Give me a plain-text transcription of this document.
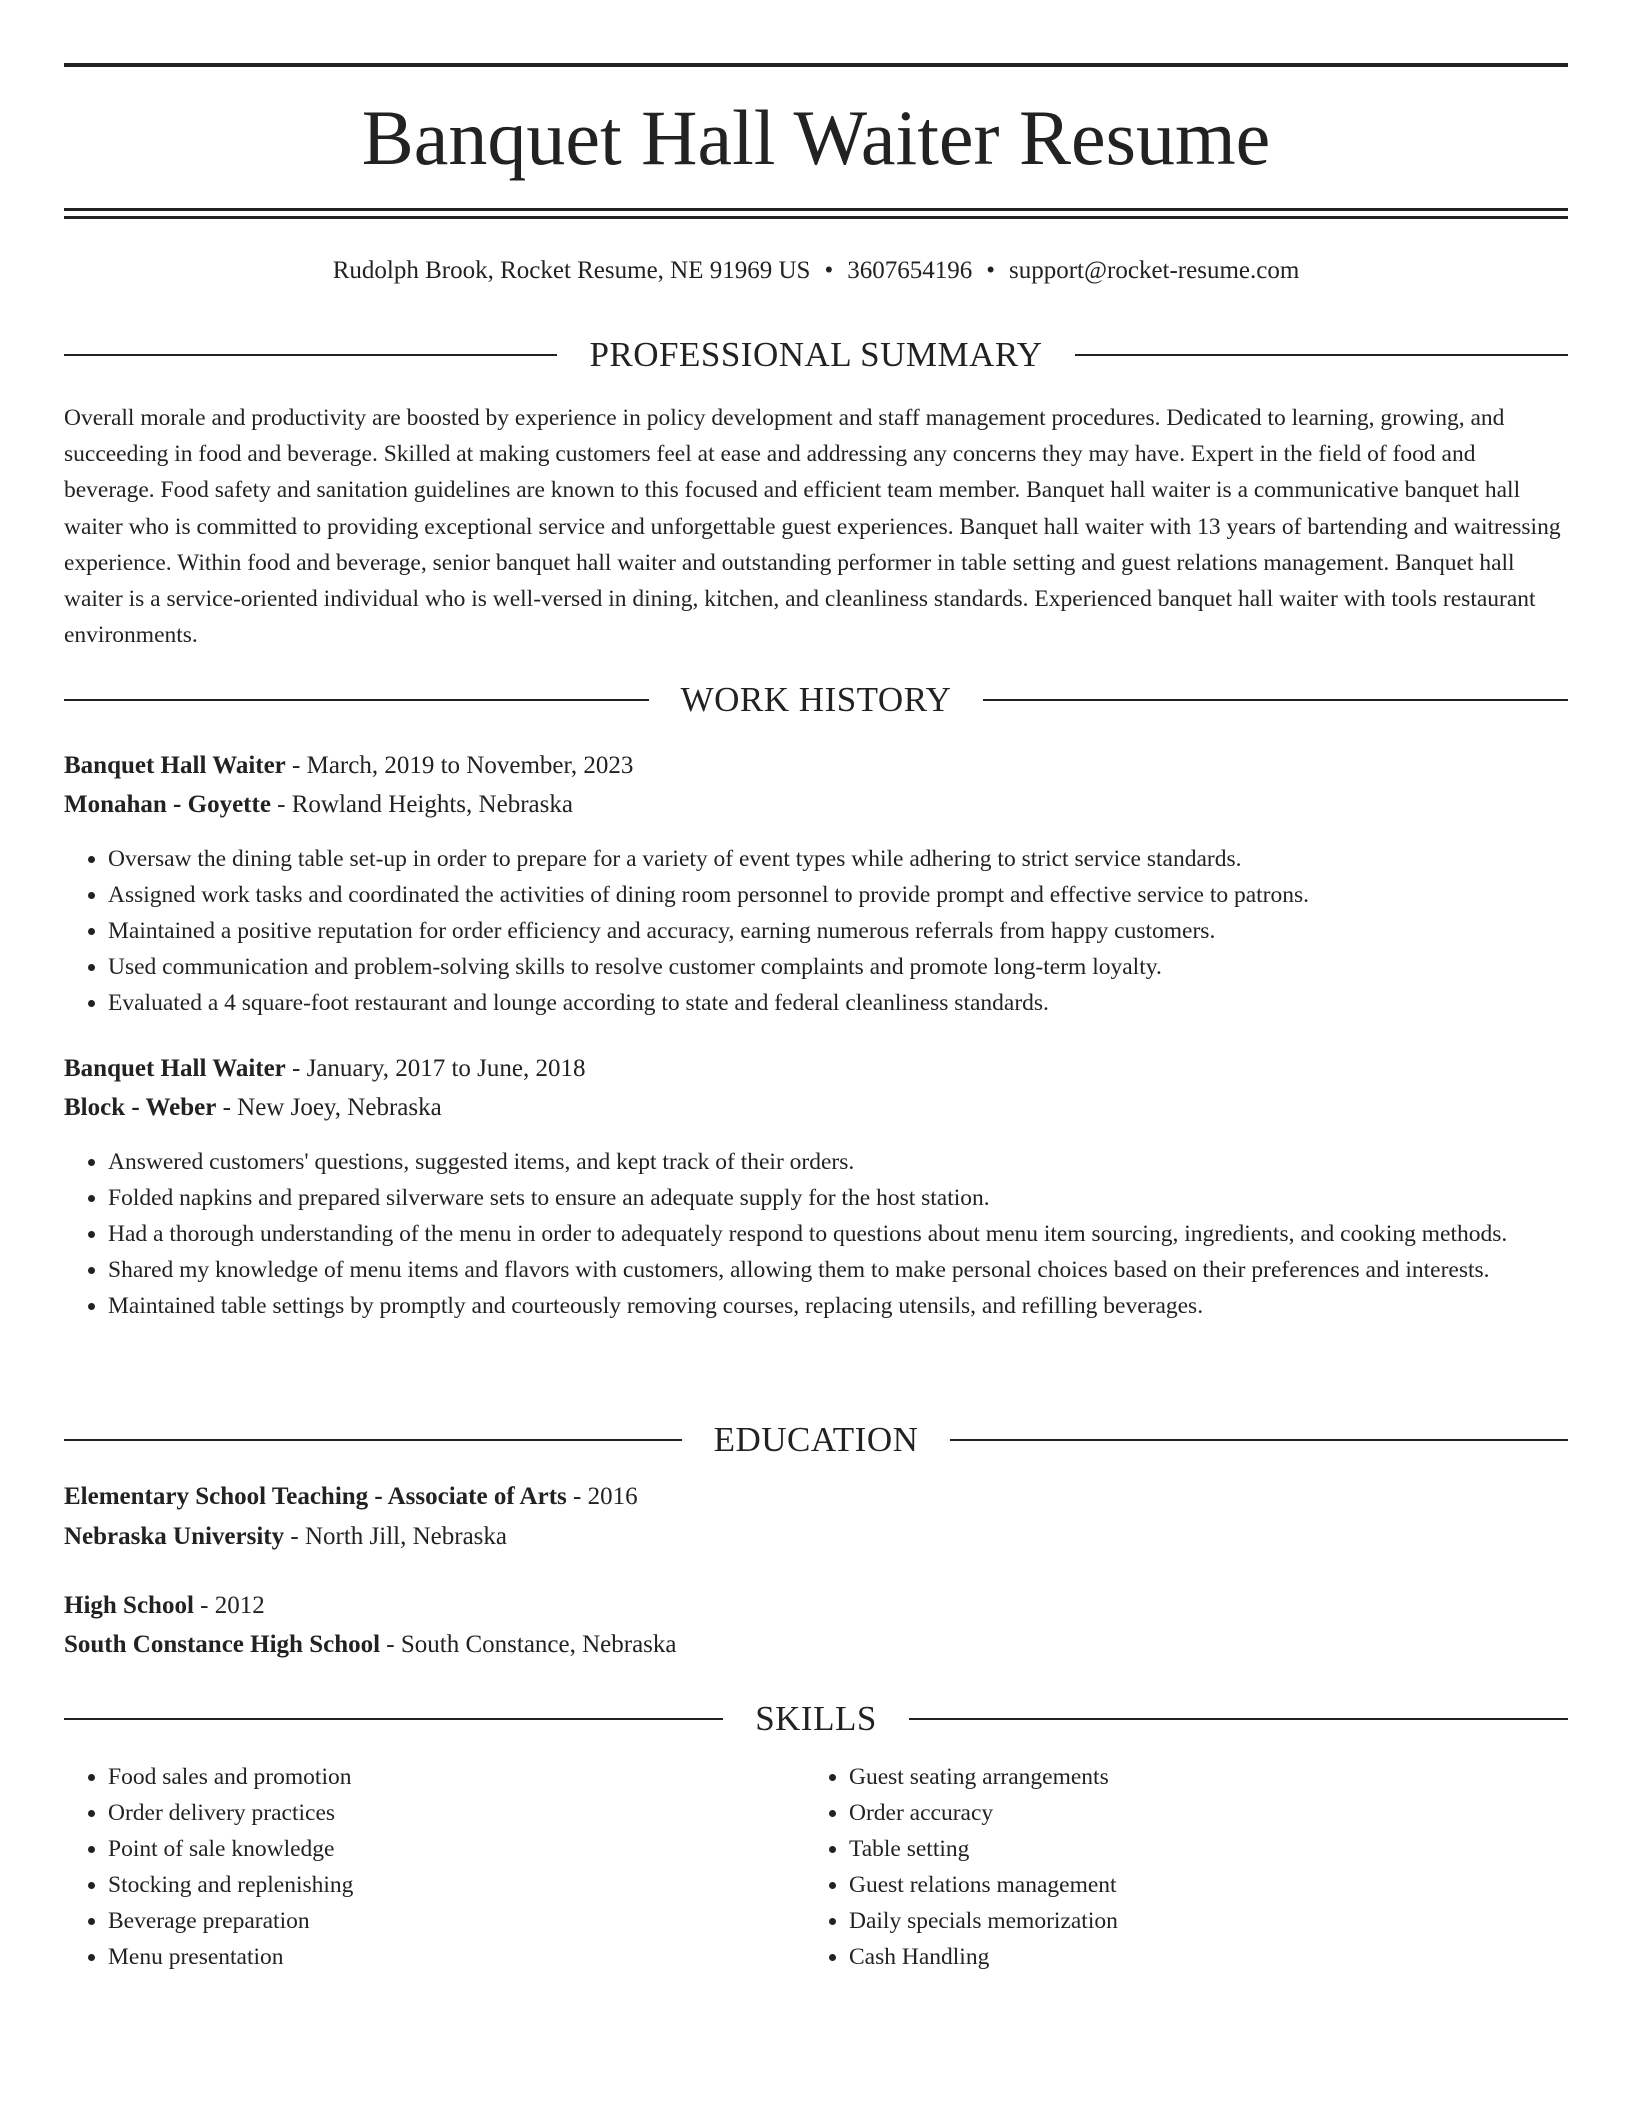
Banquet Hall Waiter Resume
Rudolph Brook, Rocket Resume, NE 91969 US • 3607654196 • support@rocket-resume.com
PROFESSIONAL SUMMARY

Overall morale and productivity are boosted by experience in policy development and staff management procedures. Dedicated to learning, growing, and succeeding in food and beverage. Skilled at making customers feel at ease and addressing any concerns they may have. Expert in the field of food and beverage. Food safety and sanitation guidelines are known to this focused and efficient team member. Banquet hall waiter is a communicative banquet hall waiter who is committed to providing exceptional service and unforgettable guest experiences. Banquet hall waiter with 13 years of bartending and waitressing experience. Within food and beverage, senior banquet hall waiter and outstanding performer in table setting and guest relations management. Banquet hall waiter is a service-oriented individual who is well-versed in dining, kitchen, and cleanliness standards. Experienced banquet hall waiter with tools restaurant environments.

WORK HISTORY
Banquet Hall Waiter - March, 2019 to November, 2023
Monahan - Goyette - Rowland Heights, Nebraska
• Oversaw the dining table set-up in order to prepare for a variety of event types while adhering to strict service standards.
• Assigned work tasks and coordinated the activities of dining room personnel to provide prompt and effective service to patrons.
• Maintained a positive reputation for order efficiency and accuracy, earning numerous referrals from happy customers.
• Used communication and problem-solving skills to resolve customer complaints and promote long-term loyalty.
• Evaluated a 4 square-foot restaurant and lounge according to state and federal cleanliness standards.
Banquet Hall Waiter - January, 2017 to June, 2018
Block - Weber - New Joey, Nebraska
• Answered customers' questions, suggested items, and kept track of their orders.
• Folded napkins and prepared silverware sets to ensure an adequate supply for the host station.
• Had a thorough understanding of the menu in order to adequately respond to questions about menu item sourcing, ingredients, and cooking methods.
• Shared my knowledge of menu items and flavors with customers, allowing them to make personal choices based on their preferences and interests.
• Maintained table settings by promptly and courteously removing courses, replacing utensils, and refilling beverages.
EDUCATION
Elementary School Teaching - Associate of Arts - 2016
Nebraska University - North Jill, Nebraska
High School - 2012
South Constance High School - South Constance, Nebraska
SKILLS
• Food sales and promotion
• Order delivery practices
• Point of sale knowledge
• Stocking and replenishing
• Beverage preparation
• Menu presentation
• Guest seating arrangements
• Order accuracy
• Table setting
• Guest relations management
• Daily specials memorization
• Cash Handling
